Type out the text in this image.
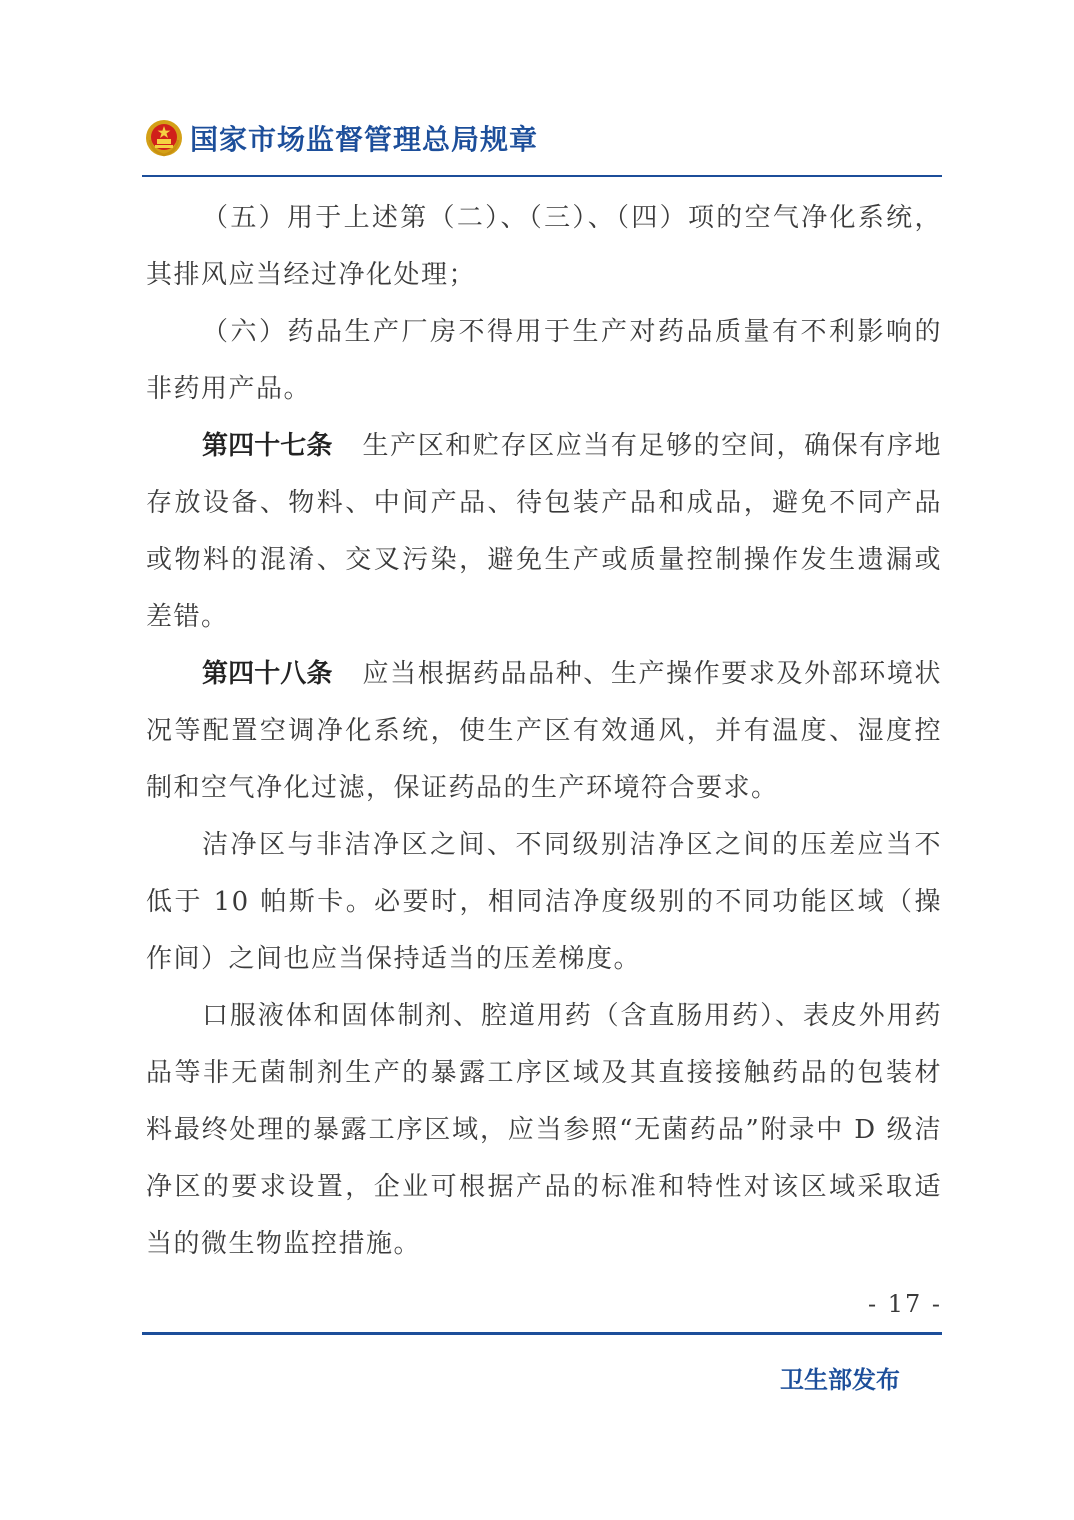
国家市场监督管理总局规章

（五）用于上述第（二）、（三）、（四）项的空气净化系统，其排风应当经过净化处理；

（六）药品生产厂房不得用于生产对药品质量有不利影响的非药用产品。

第四十七条 生产区和贮存区应当有足够的空间，确保有序地存放设备、物料、中间产品、待包装产品和成品，避免不同产品或物料的混淆、交叉污染，避免生产或质量控制操作发生遗漏或差错。

第四十八条 应当根据药品品种、生产操作要求及外部环境状况等配置空调净化系统，使生产区有效通风，并有温度、湿度控制和空气净化过滤，保证药品的生产环境符合要求。

洁净区与非洁净区之间、不同级别洁净区之间的压差应当不低于 10 帕斯卡。必要时，相同洁净度级别的不同功能区域（操作间）之间也应当保持适当的压差梯度。

口服液体和固体制剂、腔道用药（含直肠用药）、表皮外用药品等非无菌制剂生产的暴露工序区域及其直接接触药品的包装材料最终处理的暴露工序区域，应当参照“无菌药品”附录中 D 级洁净区的要求设置，企业可根据产品的标准和特性对该区域采取适当的微生物监控措施。

- 17 -
卫生部发布
